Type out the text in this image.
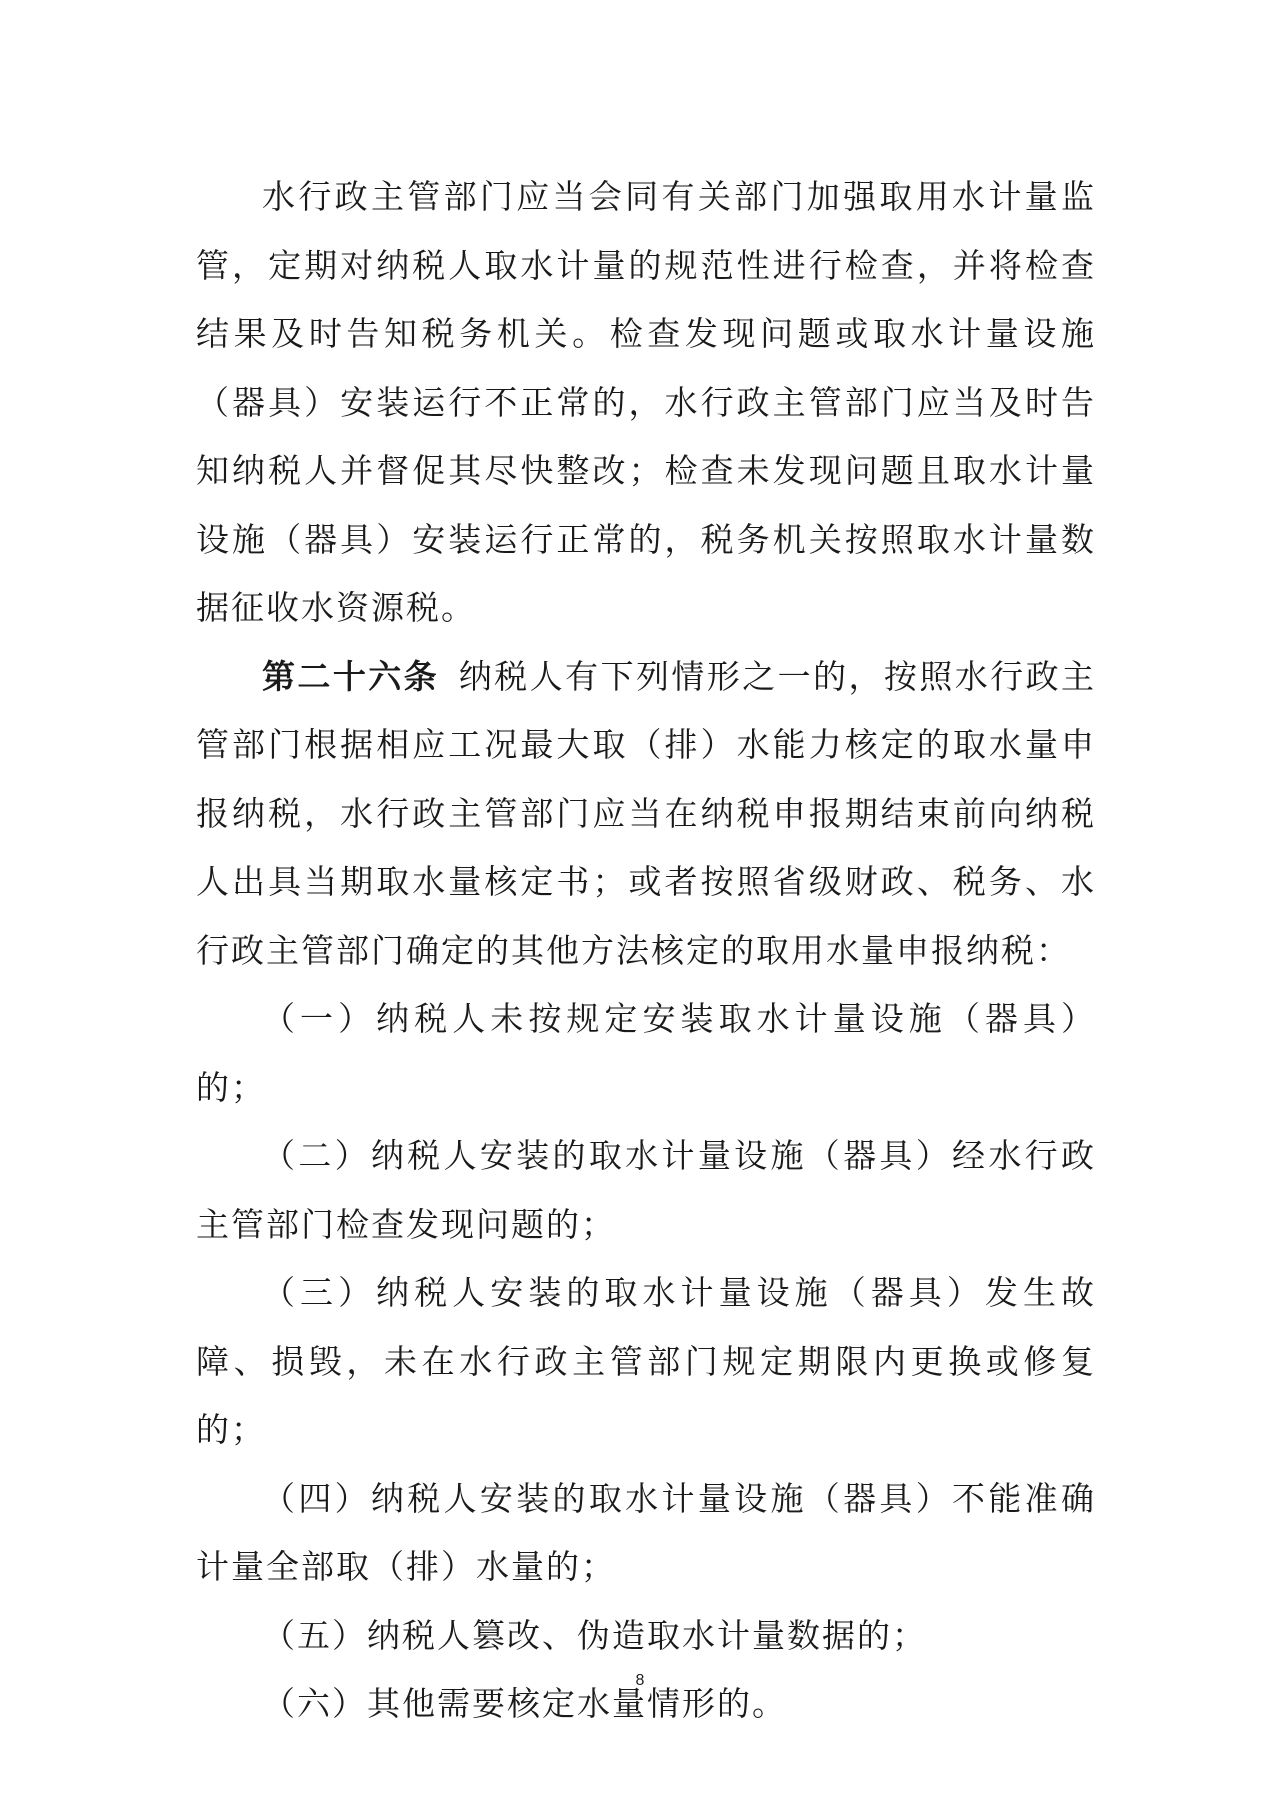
水行政主管部门应当会同有关部门加强取用水计量监管，定期对纳税人取水计量的规范性进行检查，并将检查结果及时告知税务机关。检查发现问题或取水计量设施（器具）安装运行不正常的，水行政主管部门应当及时告知纳税人并督促其尽快整改；检查未发现问题且取水计量设施（器具）安装运行正常的，税务机关按照取水计量数据征收水资源税。

第二十六条 纳税人有下列情形之一的，按照水行政主管部门根据相应工况最大取（排）水能力核定的取水量申报纳税，水行政主管部门应当在纳税申报期结束前向纳税人出具当期取水量核定书；或者按照省级财政、税务、水行政主管部门确定的其他方法核定的取用水量申报纳税：

（一）纳税人未按规定安装取水计量设施（器具）的；

（二）纳税人安装的取水计量设施（器具）经水行政主管部门检查发现问题的；

（三）纳税人安装的取水计量设施（器具）发生故障、损毁，未在水行政主管部门规定期限内更换或修复的；

（四）纳税人安装的取水计量设施（器具）不能准确计量全部取（排）水量的；

（五）纳税人篡改、伪造取水计量数据的；

（六）其他需要核定水量情形的。

8
